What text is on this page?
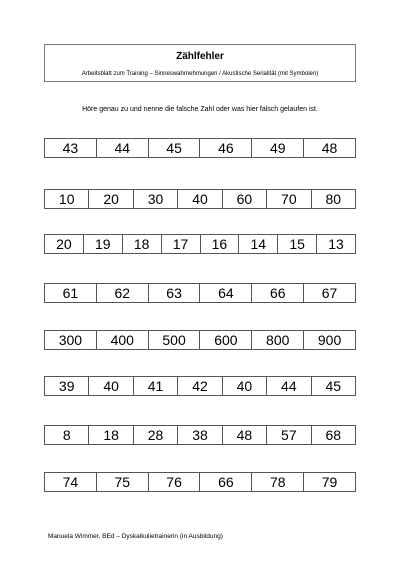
Zählfehler
Arbeitsblatt zum Training – Sinneswahrnehmungen / Akustische Serialität (mit Symbolen)
Höre genau zu und nenne die falsche Zahl oder was hier falsch gelaufen ist.
43	44	45	46	49	48
10	20	30	40	60	70	80
20	19	18	17	16	14	15	13
61	62	63	64	66	67
300	400	500	600	800	900
39	40	41	42	40	44	45
8	18	28	38	48	57	68
74	75	76	66	78	79
Manuela Wimmer, BEd – Dyskalkulietrainerin (in Ausbildung)
